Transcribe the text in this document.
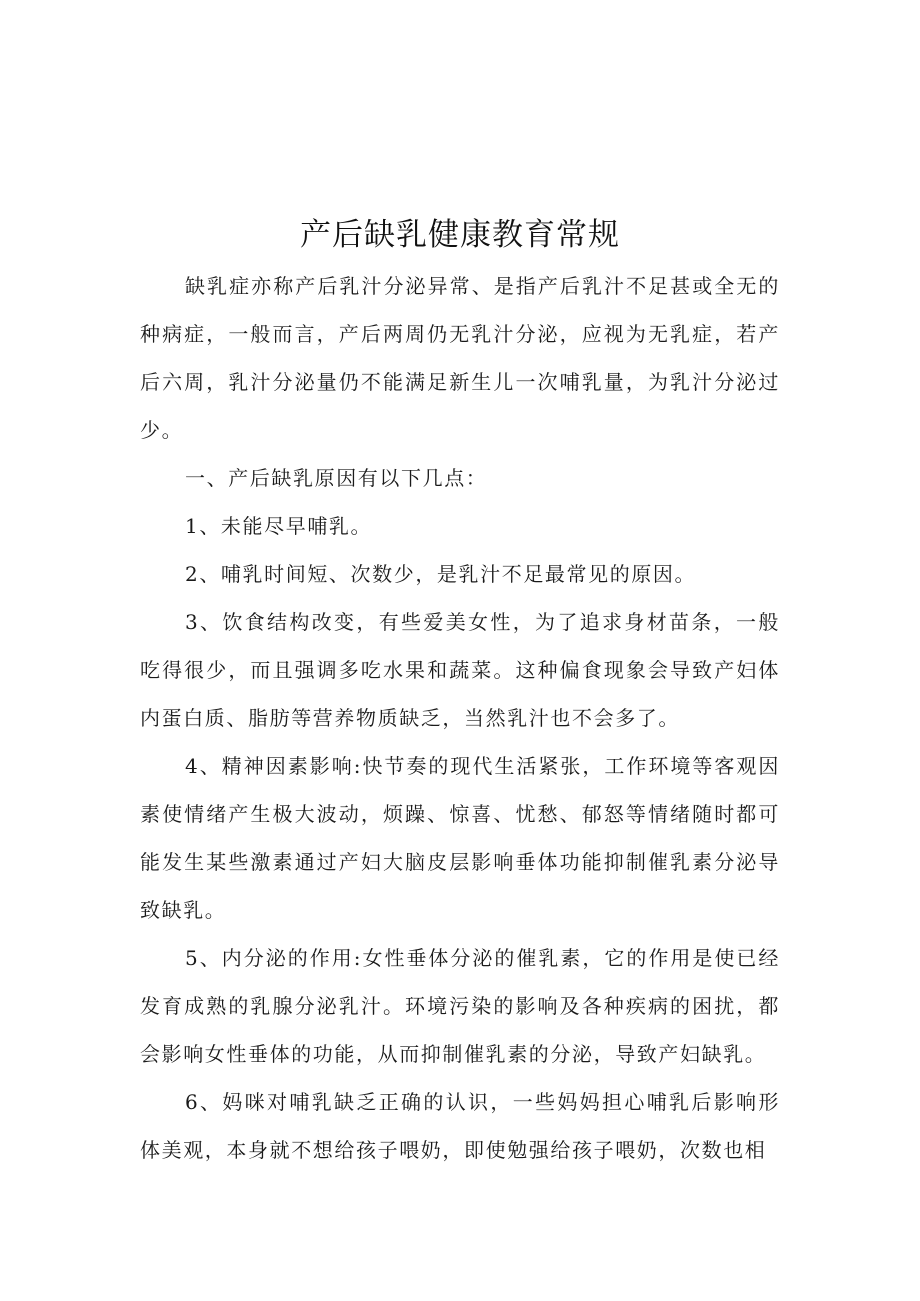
产后缺乳健康教育常规

缺乳症亦称产后乳汁分泌异常、是指产后乳汁不足甚或全无的种病症，一般而言，产后两周仍无乳汁分泌，应视为无乳症，若产后六周，乳汁分泌量仍不能满足新生儿一次哺乳量，为乳汁分泌过少。

一、产后缺乳原因有以下几点：

1、未能尽早哺乳。

2、哺乳时间短、次数少，是乳汁不足最常见的原因。

3、饮食结构改变，有些爱美女性，为了追求身材苗条，一般吃得很少，而且强调多吃水果和蔬菜。这种偏食现象会导致产妇体内蛋白质、脂肪等营养物质缺乏，当然乳汁也不会多了。

4、精神因素影响:快节奏的现代生活紧张，工作环境等客观因素使情绪产生极大波动，烦躁、惊喜、忧愁、郁怒等情绪随时都可能发生某些激素通过产妇大脑皮层影响垂体功能抑制催乳素分泌导致缺乳。

5、内分泌的作用:女性垂体分泌的催乳素，它的作用是使已经发育成熟的乳腺分泌乳汁。环境污染的影响及各种疾病的困扰，都会影响女性垂体的功能，从而抑制催乳素的分泌，导致产妇缺乳。

6、妈咪对哺乳缺乏正确的认识，一些妈妈担心哺乳后影响形体美观，本身就不想给孩子喂奶，即使勉强给孩子喂奶，次数也相
